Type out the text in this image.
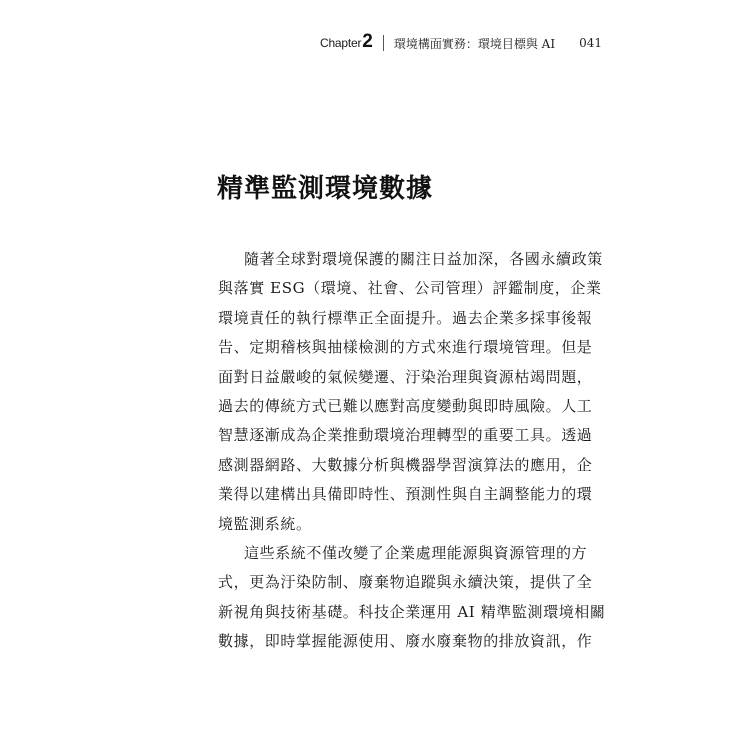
Chapter 2 環境構面實務：環境目標與 AI 041
精準監測環境數據

隨著全球對環境保護的關注日益加深，各國永續政策
與落實 ESG（環境、社會、公司管理）評鑑制度，企業
環境責任的執行標準正全面提升。過去企業多採事後報
告、定期稽核與抽樣檢測的方式來進行環境管理。但是
面對日益嚴峻的氣候變遷、汙染治理與資源枯竭問題，
過去的傳統方式已難以應對高度變動與即時風險。人工
智慧逐漸成為企業推動環境治理轉型的重要工具。透過
感測器網路、大數據分析與機器學習演算法的應用，企
業得以建構出具備即時性、預測性與自主調整能力的環
境監測系統。

這些系統不僅改變了企業處理能源與資源管理的方
式，更為汙染防制、廢棄物追蹤與永續決策，提供了全
新視角與技術基礎。科技企業運用 AI 精準監測環境相關
數據，即時掌握能源使用、廢水廢棄物的排放資訊，作
